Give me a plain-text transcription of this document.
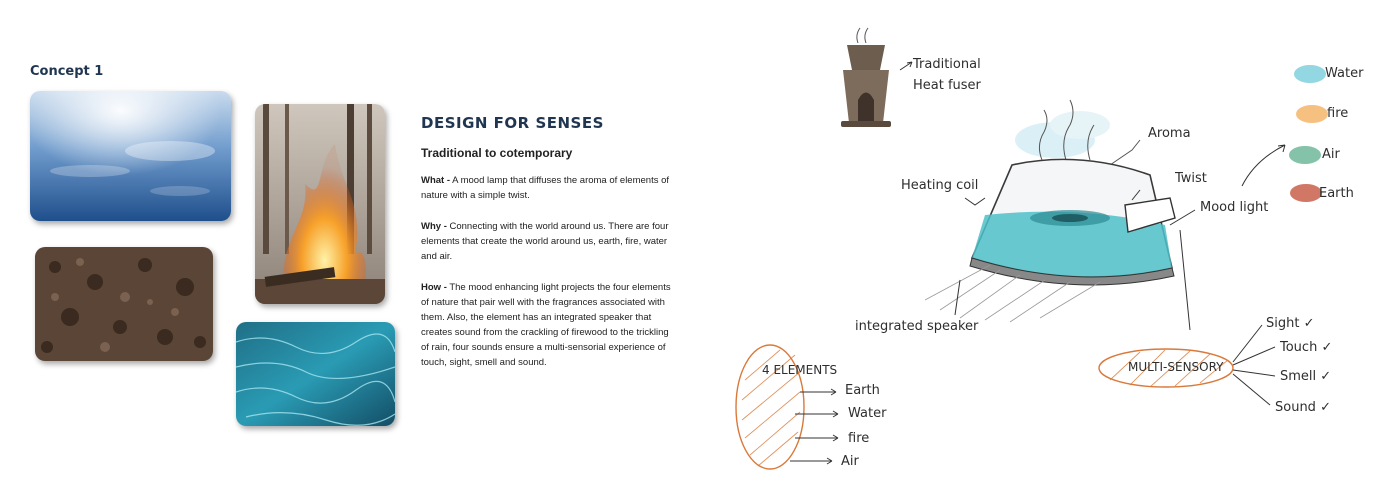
Concept 1
DESIGN FOR SENSES
Traditional to cotemporary
What - A mood lamp that diffuses the aroma of elements of nature with a simple twist.
Why - Connecting with the world around us. There are four elements that create the world around us, earth, fire, water and air.
How - The mood enhancing light projects the four elements of nature that pair well with the fragrances associated with them. Also, the element has an integrated speaker that creates sound from the crackling of firewood to the trickling of rain, four sounds ensure a multi-sensorial experience of touch, sight, smell and sound.
Traditional
Heat fuser
Aroma
Twist
Mood light
Heating coil
integrated speaker
Water
fire
Air
Earth
4 ELEMENTS
Earth
Water
fire
Air
MULTI-SENSORY
Sight ✓
Touch ✓
Smell ✓
Sound ✓
